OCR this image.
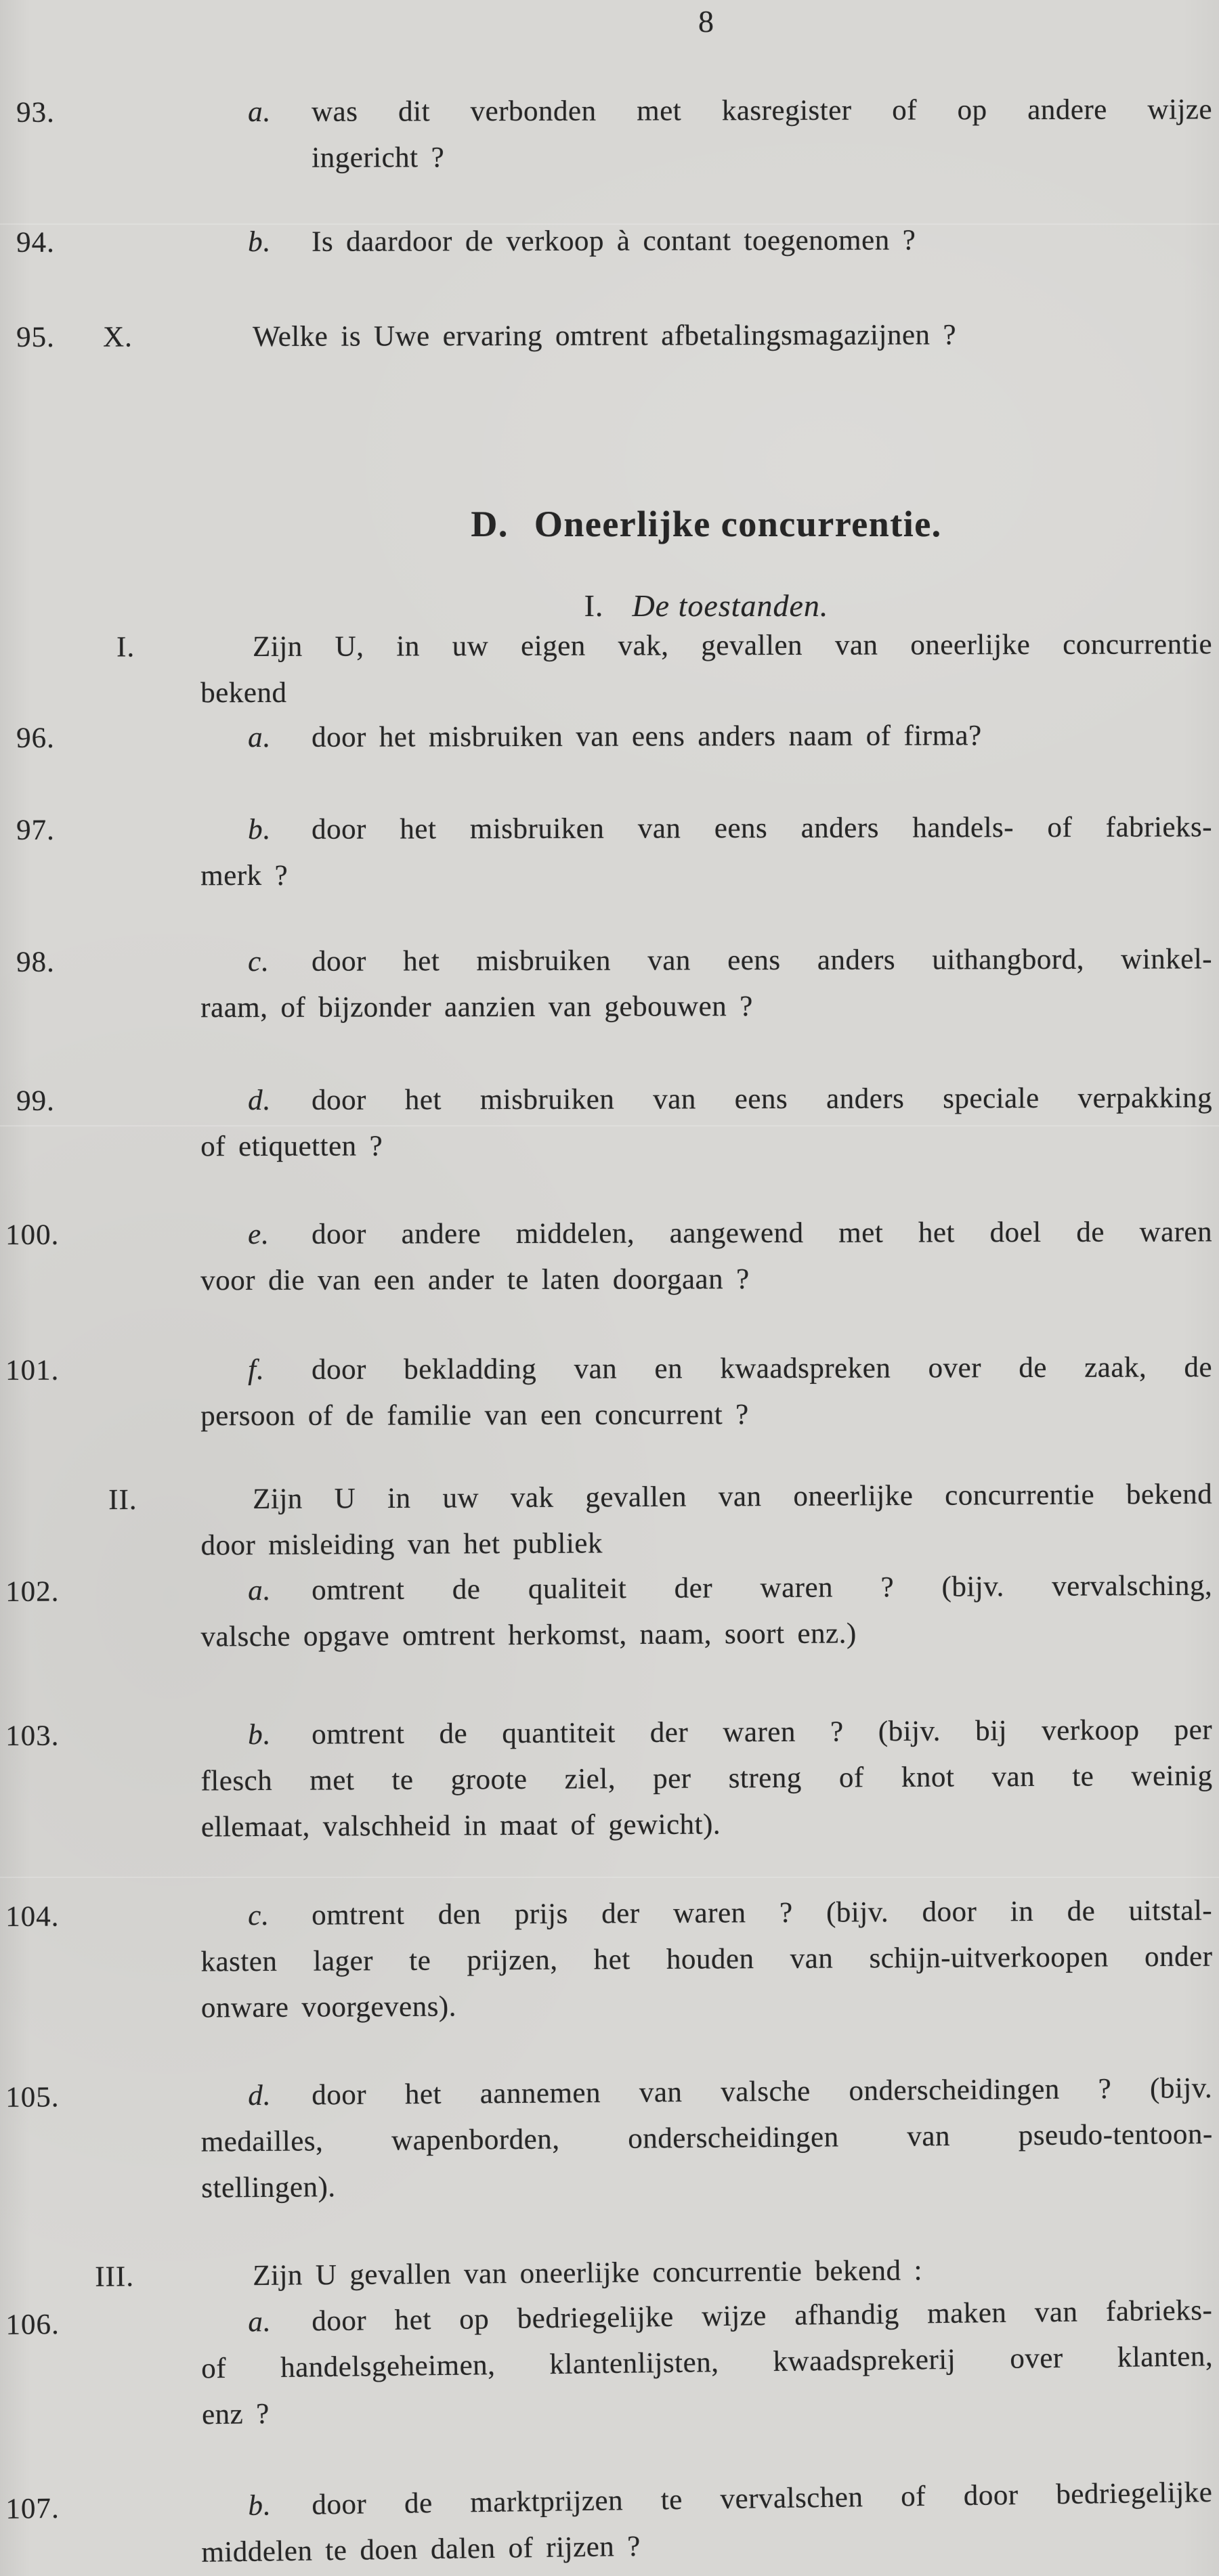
8
93.	a. was dit verbonden met kasregister of op andere wijze
ingericht ?
94.	b. Is daardoor de verkoop à contant toegenomen ?
95. X.	Welke is Uwe ervaring omtrent afbetalingsmagazijnen ?
D. Oneerlijke concurrentie.
I. De toestanden.
I.	Zijn U, in uw eigen vak, gevallen van oneerlijke concurrentie
bekend
96.	a. door het misbruiken van eens anders naam of firma?
97.	b. door het misbruiken van eens anders handels- of fabrieks-
merk ?
98.	c. door het misbruiken van eens anders uithangbord, winkel-
raam, of bijzonder aanzien van gebouwen ?
99.	d. door het misbruiken van eens anders speciale verpakking
of etiquetten ?
100.	e. door andere middelen, aangewend met het doel de waren
voor die van een ander te laten doorgaan ?
101.	f. door bekladding van en kwaadspreken over de zaak, de
persoon of de familie van een concurrent ?
II.	Zijn U in uw vak gevallen van oneerlijke concurrentie bekend
door misleiding van het publiek
102.	a. omtrent de qualiteit der waren ? (bijv. vervalsching,
valsche opgave omtrent herkomst, naam, soort enz.)
103.	b. omtrent de quantiteit der waren ? (bijv. bij verkoop per
flesch met te groote ziel, per streng of knot van te weinig
ellemaat, valschheid in maat of gewicht).
104.	c. omtrent den prijs der waren ? (bijv. door in de uitstal-
kasten lager te prijzen, het houden van schijn-uitverkoopen onder
onware voorgevens).
105.	d. door het aannemen van valsche onderscheidingen ? (bijv.
medailles, wapenborden, onderscheidingen van pseudo-tentoon-
stellingen).
III.	Zijn U gevallen van oneerlijke concurrentie bekend :
106.	a. door het op bedriegelijke wijze afhandig maken van fabrieks-
of handelsgeheimen, klantenlijsten, kwaadsprekerij over klanten,
enz ?
107.	b. door de marktprijzen te vervalschen of door bedriegelijke
middelen te doen dalen of rijzen ?
